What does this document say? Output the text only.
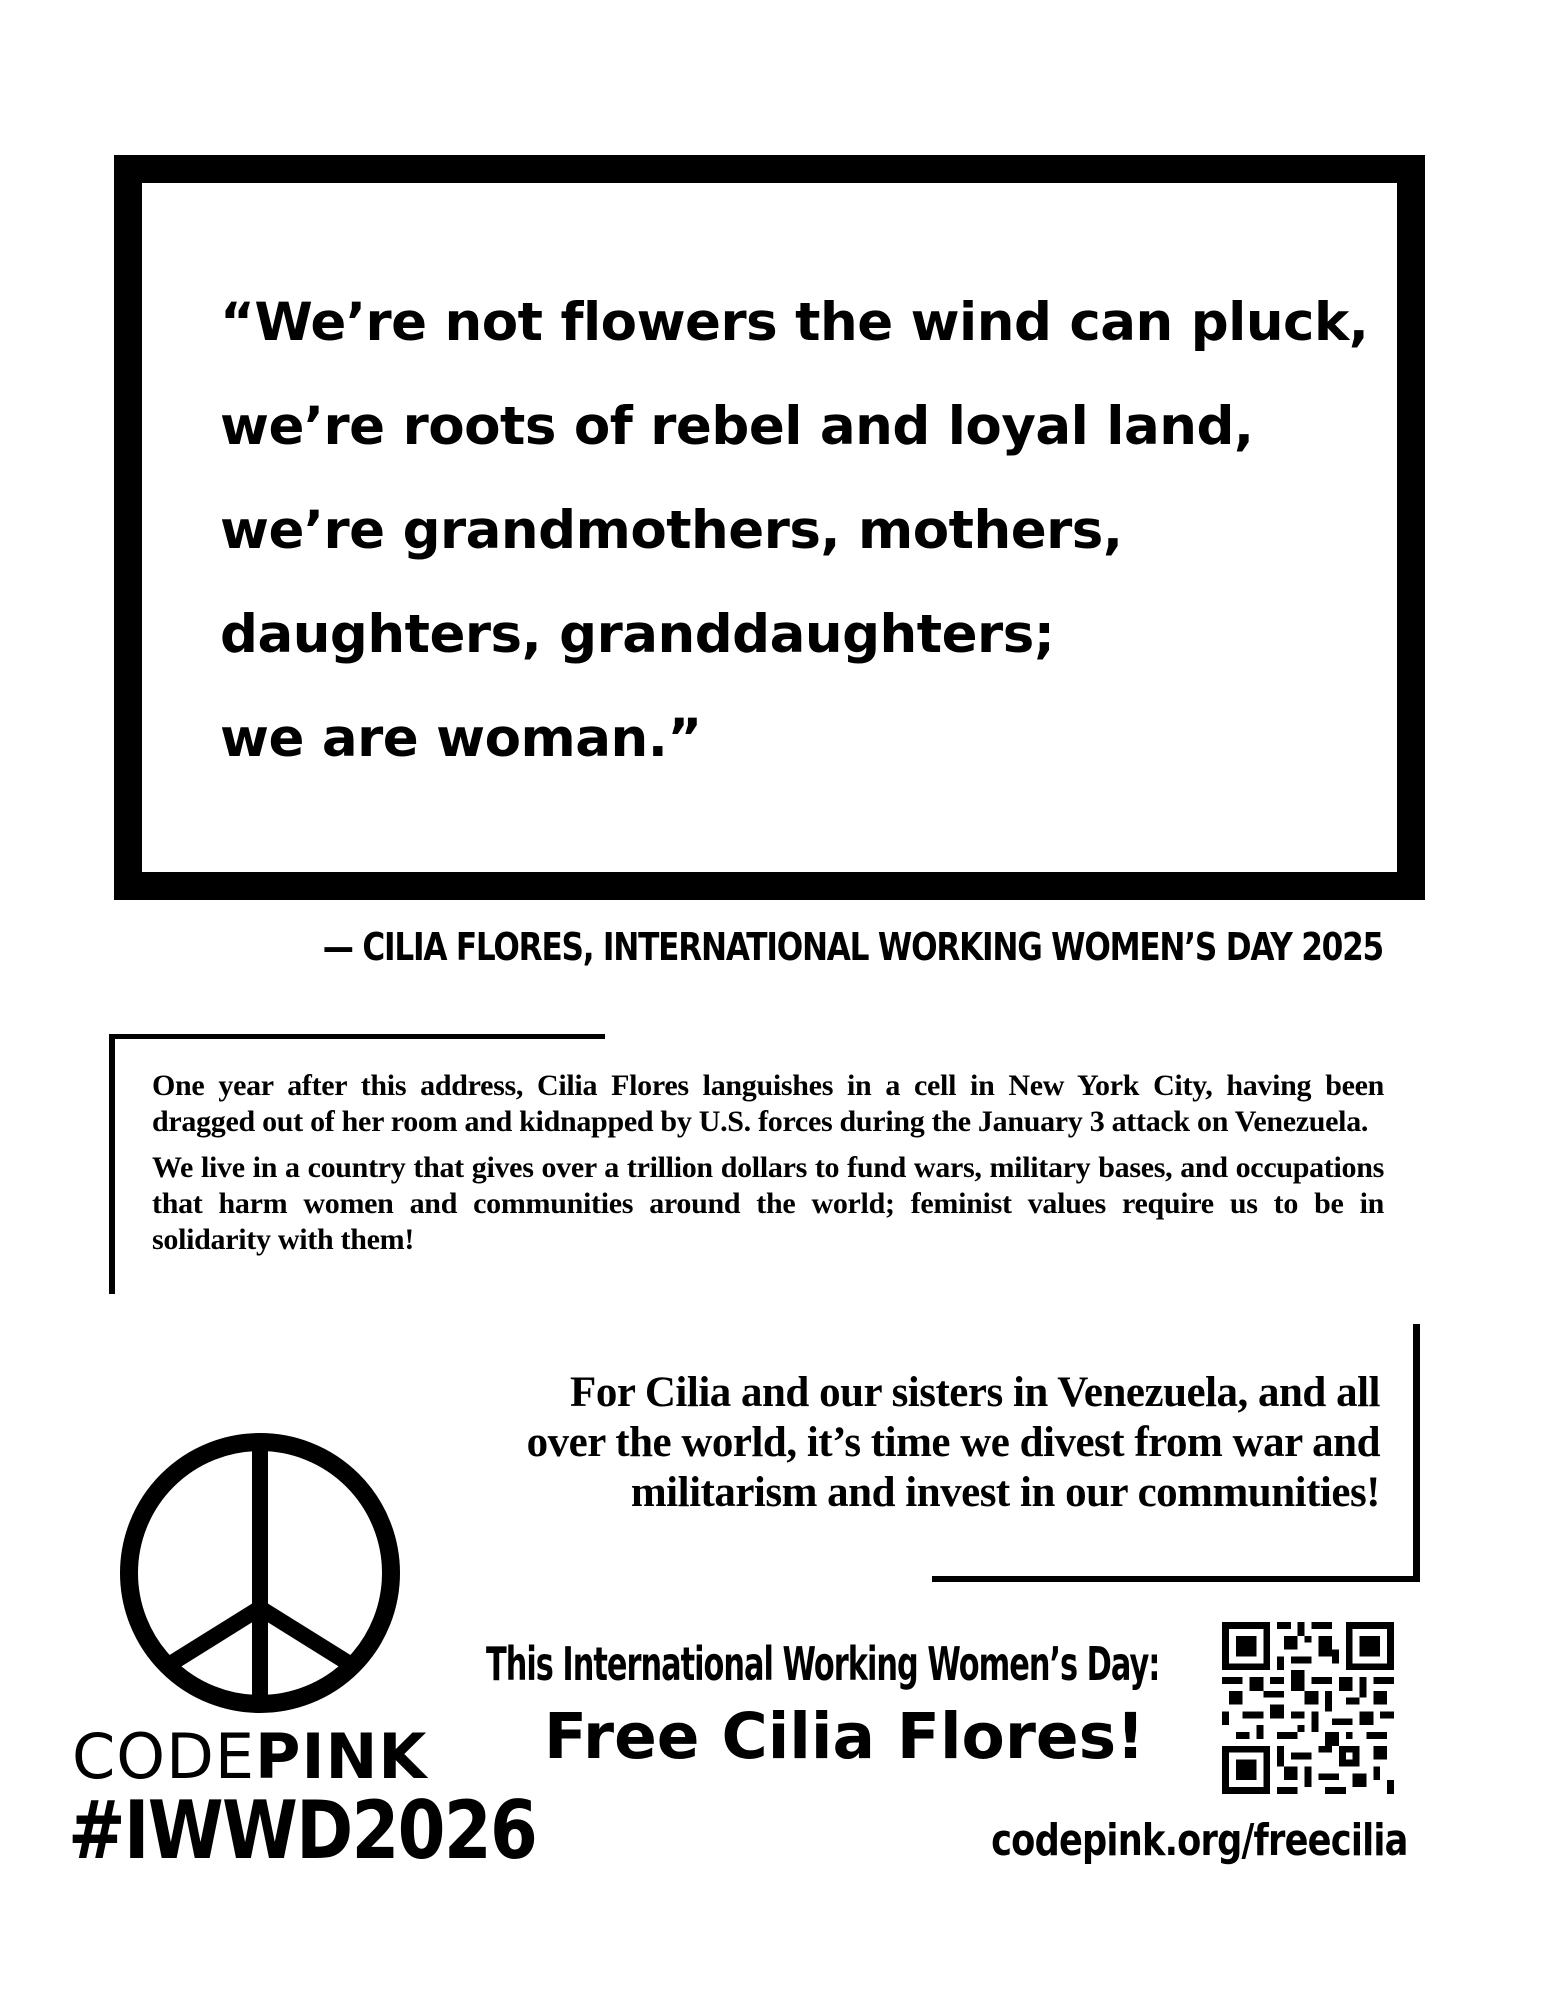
“We’re not flowers the wind can pluck,
we’re roots of rebel and loyal land,
we’re grandmothers, mothers,
daughters, granddaughters;
we are woman.”

— CILIA FLORES, INTERNATIONAL WORKING WOMEN’S DAY 2025

One year after this address, Cilia Flores languishes in a cell in New York City, having been dragged out of her room and kidnapped by U.S. forces during the January 3 attack on Venezuela.

We live in a country that gives over a trillion dollars to fund wars, military bases, and occupations that harm women and communities around the world; feminist values require us to be in solidarity with them!

For Cilia and our sisters in Venezuela, and all
over the world, it’s time we divest from war and
militarism and invest in our communities!
CODEPINK
#IWWD2026
This International Working Women’s Day:
Free Cilia Flores!
codepink.org/freecilia
